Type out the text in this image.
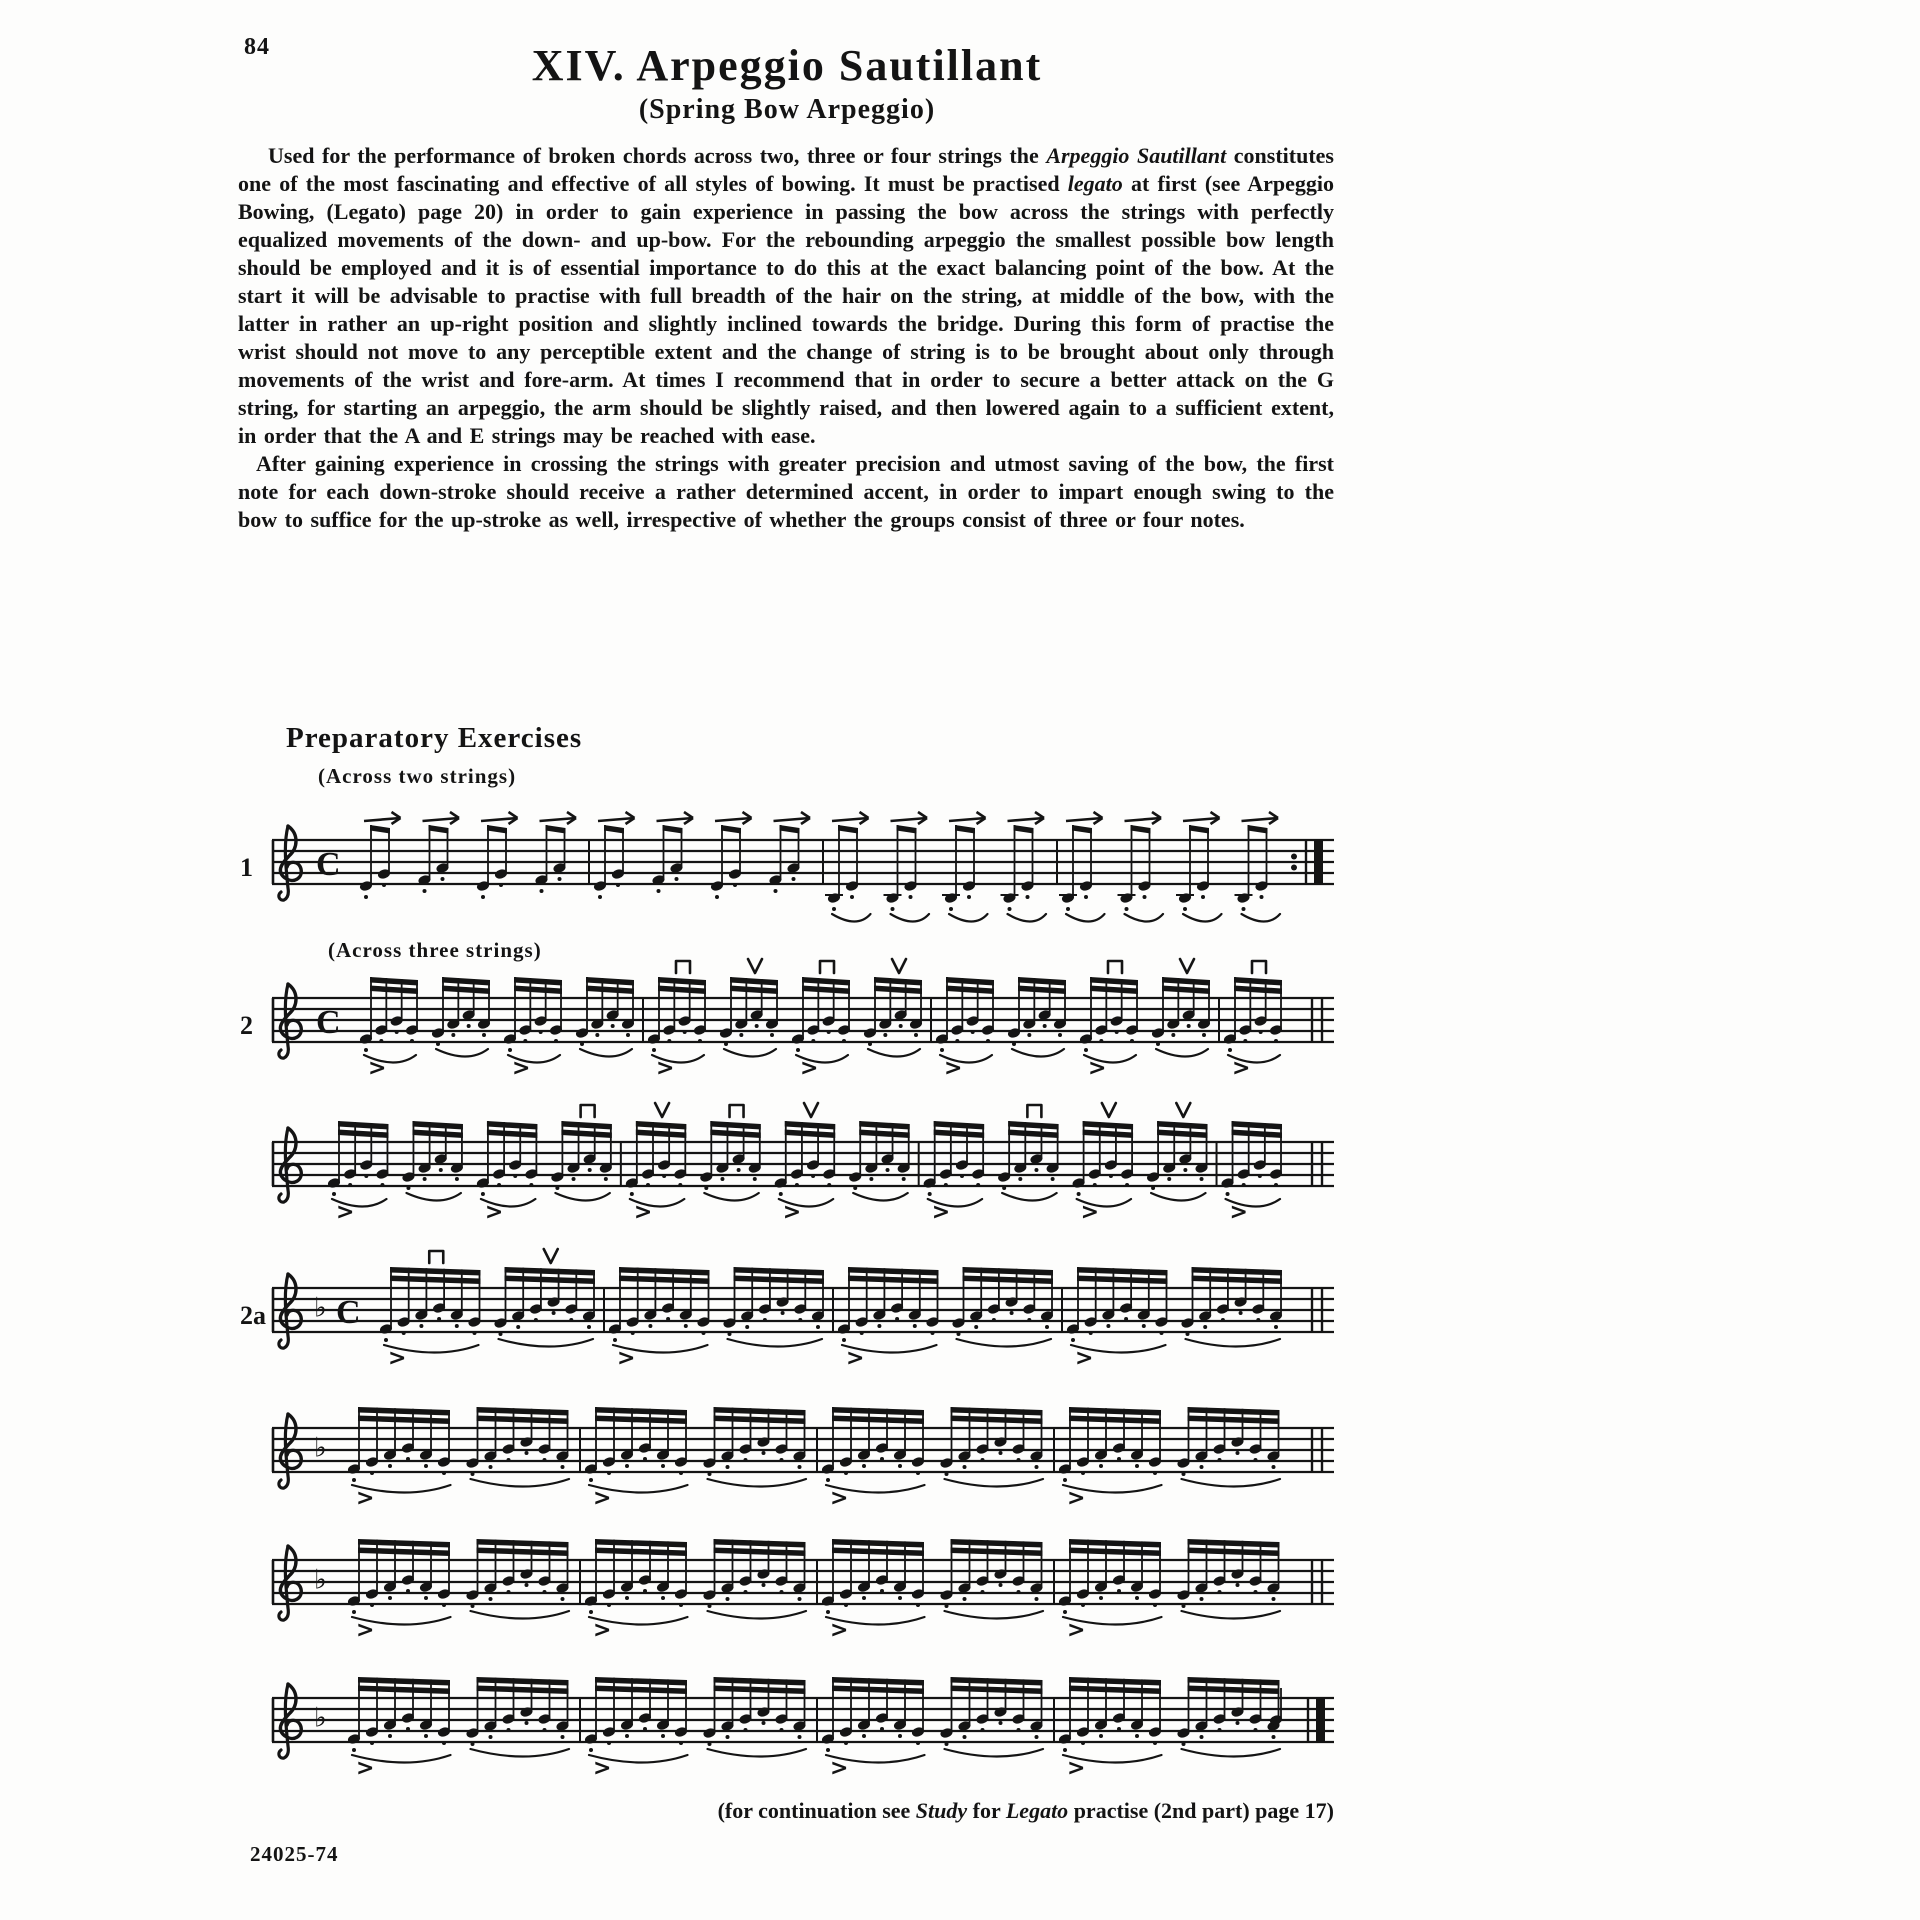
84	XIV. Arpeggio Sautillant
(Spring Bow Arpeggio)

Used for the performance of broken chords across two, three or four strings the Arpeggio Sautillant constitutes one of the most fascinating and effective of all styles of bowing. It must be practised legato at first (see Arpeggio Bowing, (Legato) page 20) in order to gain experience in passing the bow across the strings with perfectly equalized movements of the down- and up-bow. For the rebounding arpeggio the smallest possible bow length should be employed and it is of essential importance to do this at the exact balancing point of the bow. At the start it will be advisable to practise with full breadth of the hair on the string, at middle of the bow, with the latter in rather an up-right position and slightly inclined towards the bridge. During this form of practise the wrist should not move to any perceptible extent and the change of string is to be brought about only through movements of the wrist and fore-arm. At times I recommend that in order to secure a better attack on the G string, for starting an arpeggio, the arm should be slightly raised, and then lowered again to a sufficient extent, in order that the A and E strings may be reached with ease.

After gaining experience in crossing the strings with greater precision and utmost saving of the bow, the first note for each down-stroke should receive a rather determined accent, in order to impart enough swing to the bow to suffice for the up-stroke as well, irrespective of whether the groups consist of three or four notes.

Preparatory Exercises
1 C
2 C
>	>	>	>	>	>	>
>	>	>	>	>	>	>
2a ♭ C
>	>	>	>
♭
>	>	>	>
♭
>	>	>	>
♭
>	>	>	>
(for continuation see Study for Legato practise (2nd part) page 17)
24025-74
(Across two strings)
(Across three strings)
